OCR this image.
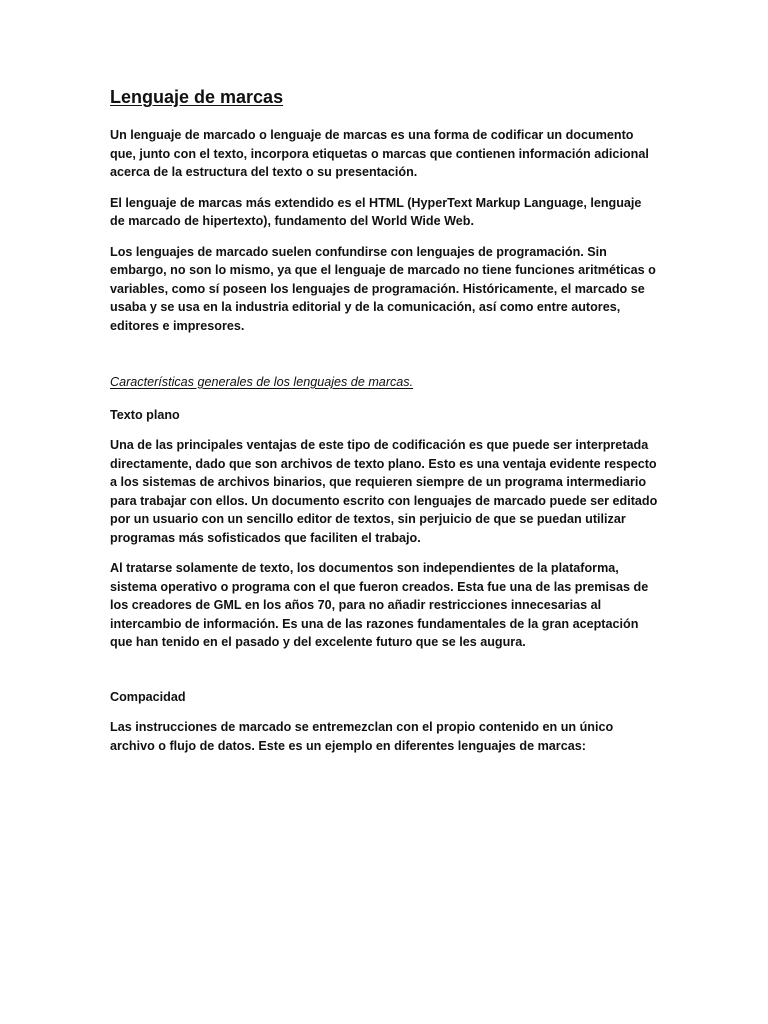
Lenguaje de marcas

Un lenguaje de marcado o lenguaje de marcas es una forma de codificar un documento que, junto con el texto, incorpora etiquetas o marcas que contienen información adicional acerca de la estructura del texto o su presentación.

El lenguaje de marcas más extendido es el HTML (HyperText Markup Language, lenguaje de marcado de hipertexto), fundamento del World Wide Web.

Los lenguajes de marcado suelen confundirse con lenguajes de programación. Sin embargo, no son lo mismo, ya que el lenguaje de marcado no tiene funciones aritméticas o variables, como sí poseen los lenguajes de programación. Históricamente, el marcado se usaba y se usa en la industria editorial y de la comunicación, así como entre autores, editores e impresores.

Características generales de los lenguajes de marcas.
Texto plano

Una de las principales ventajas de este tipo de codificación es que puede ser interpretada directamente, dado que son archivos de texto plano. Esto es una ventaja evidente respecto a los sistemas de archivos binarios, que requieren siempre de un programa intermediario para trabajar con ellos. Un documento escrito con lenguajes de marcado puede ser editado por un usuario con un sencillo editor de textos, sin perjuicio de que se puedan utilizar programas más sofisticados que faciliten el trabajo.

Al tratarse solamente de texto, los documentos son independientes de la plataforma, sistema operativo o programa con el que fueron creados. Esta fue una de las premisas de los creadores de GML en los años 70, para no añadir restricciones innecesarias al intercambio de información. Es una de las razones fundamentales de la gran aceptación que han tenido en el pasado y del excelente futuro que se les augura.

Compacidad

Las instrucciones de marcado se entremezclan con el propio contenido en un único archivo o flujo de datos. Este es un ejemplo en diferentes lenguajes de marcas:
